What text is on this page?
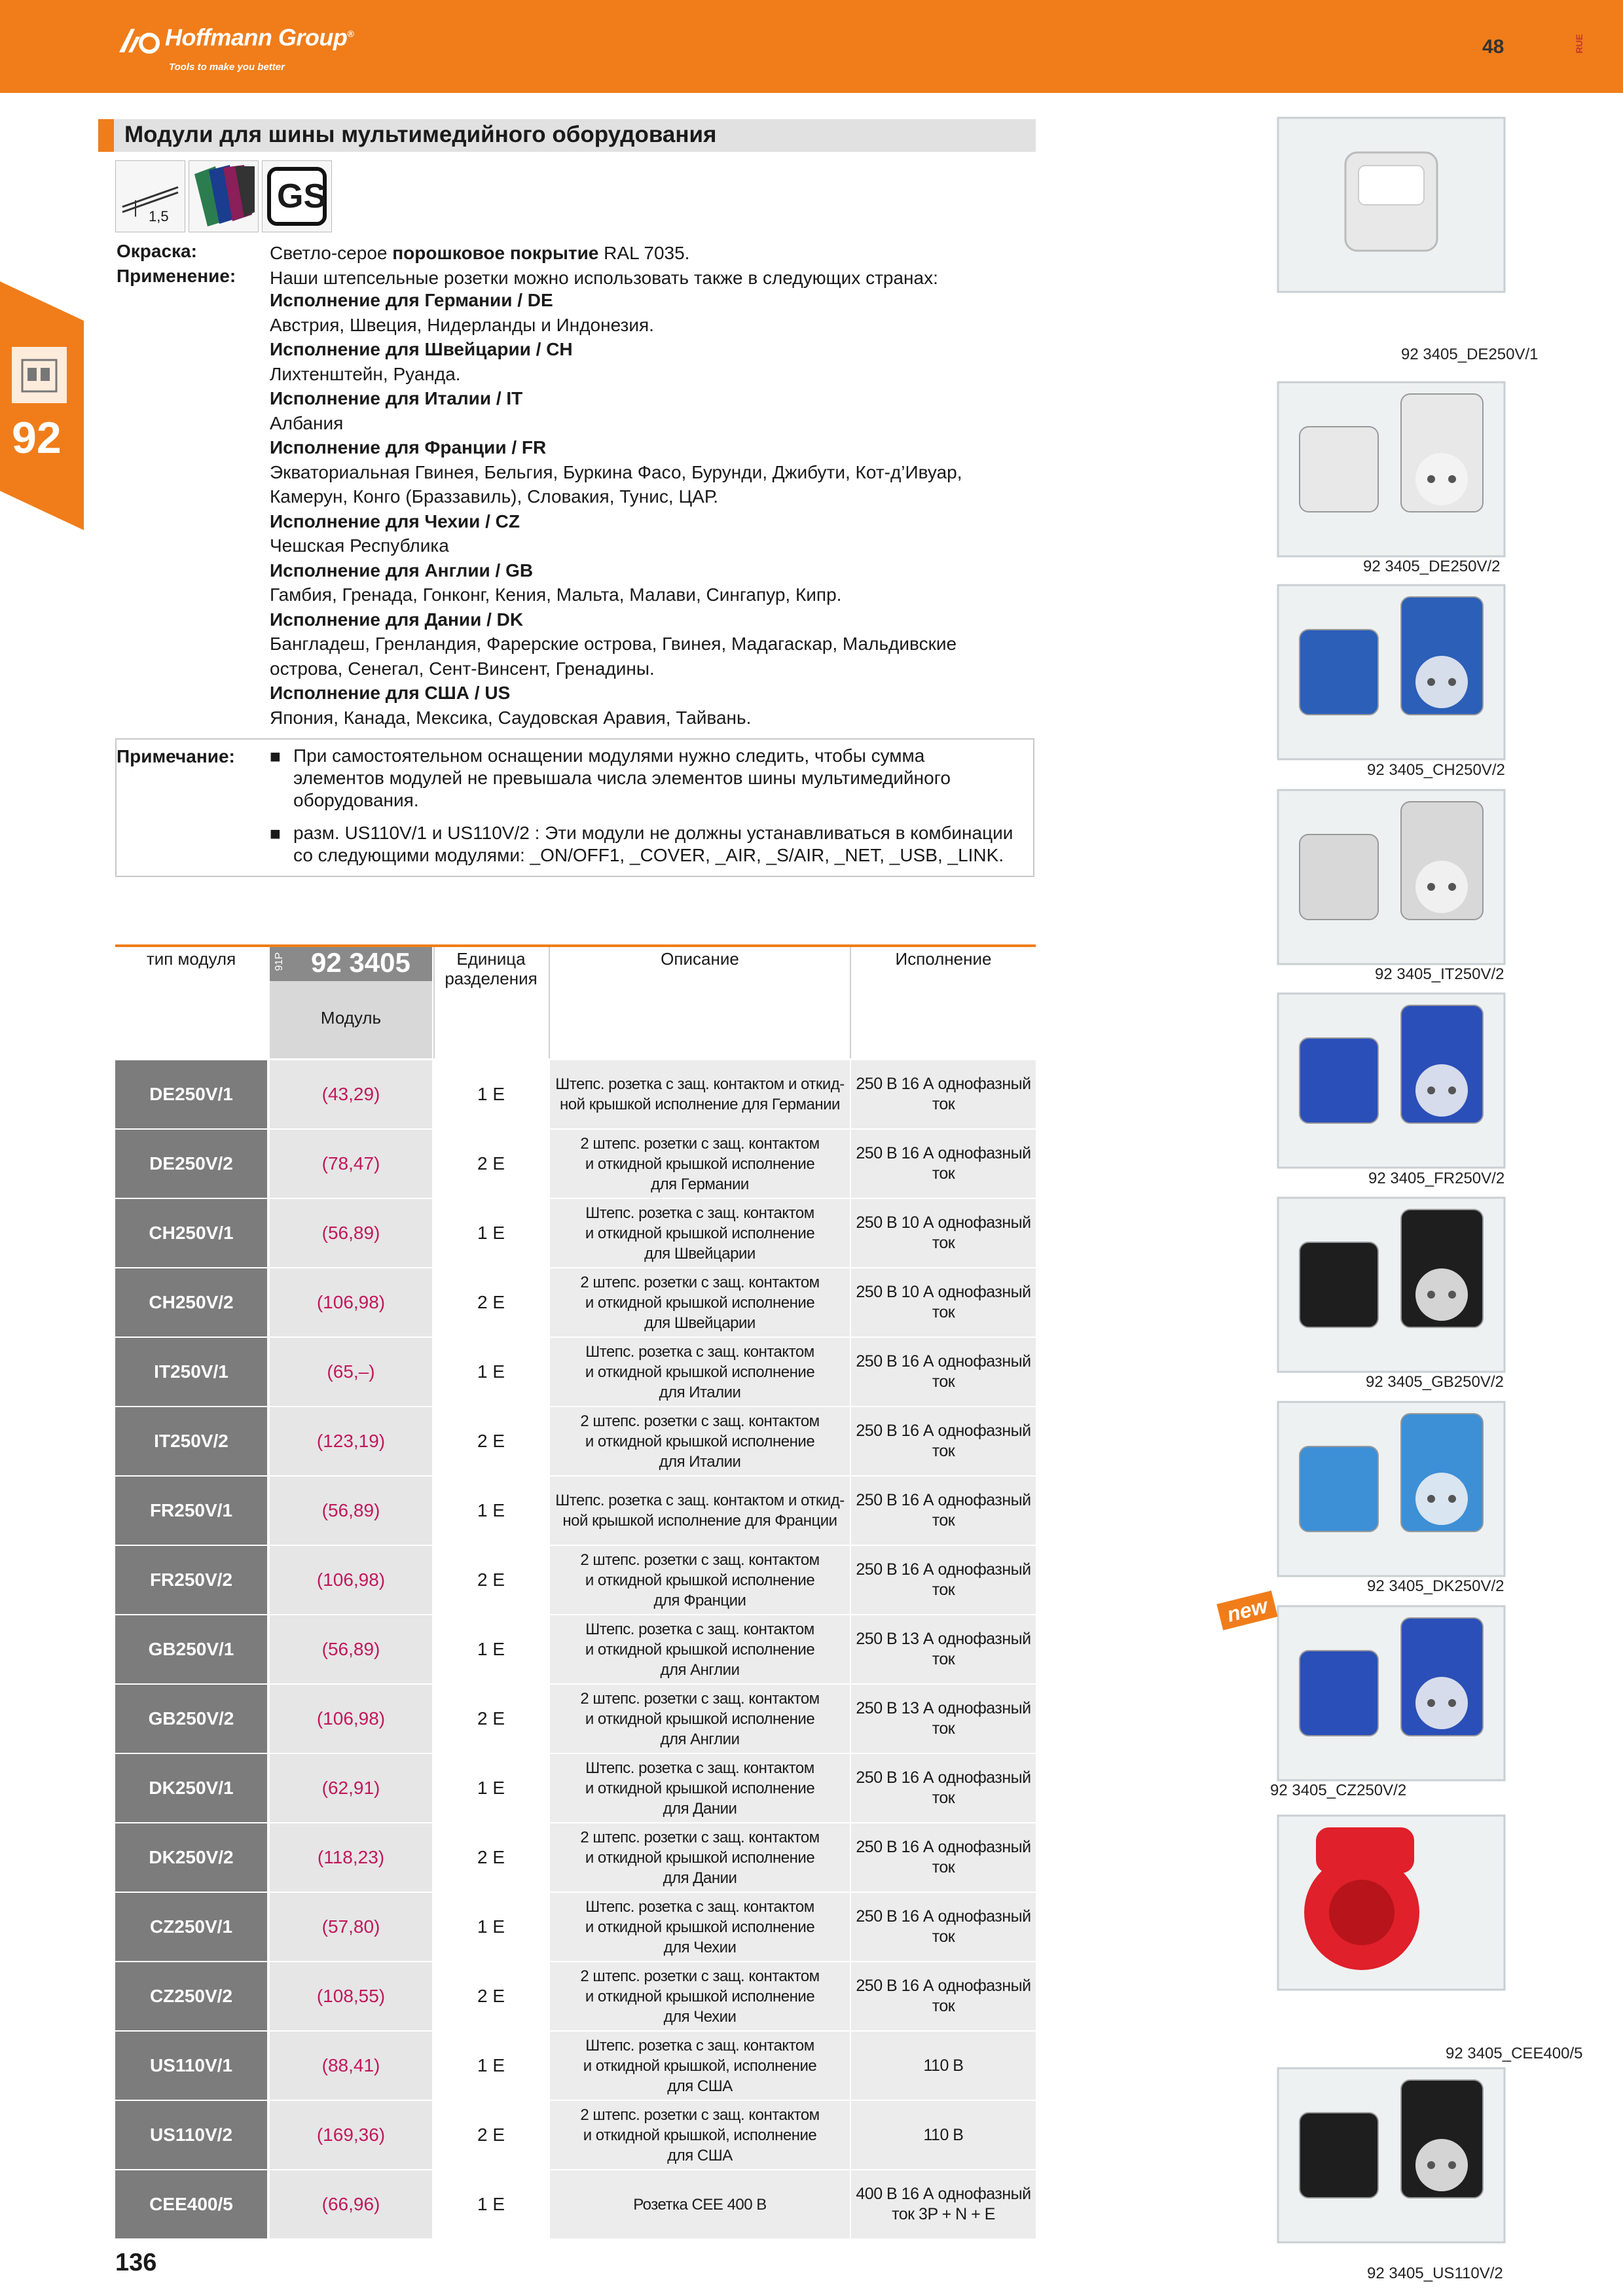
Hoffmann Group®
Tools to make you better
48	RUE
92
Модули для шины мультимедийного оборудования
1,5
GS
Окраска:	Светло-серое порошковое покрытие RAL 7035.
Применение: Наши штепсельные розетки можно использовать также в следующих странах:
Исполнение для Германии / DE
Австрия, Швеция, Нидерланды и Индонезия.
Исполнение для Швейцарии / CH
Лихтенштейн, Руанда.
Исполнение для Италии / IT
Албания
Исполнение для Франции / FR
Экваториальная Гвинея, Бельгия, Буркина Фасо, Бурунди, Джибути, Кот-д’Ивуар,
Камерун, Конго (Браззавиль), Словакия, Тунис, ЦАР.
Исполнение для Чехии / CZ
Чешская Республика
Исполнение для Англии / GB
Гамбия, Гренада, Гонконг, Кения, Мальта, Малави, Сингапур, Кипр.
Исполнение для Дании / DK
Бангладеш, Гренландия, Фарерские острова, Гвинея, Мадагаскар, Мальдивские
острова, Сенегал, Сент-Винсент, Гренадины.
Исполнение для США / US
Япония, Канада, Мексика, Саудовская Аравия, Тайвань.
Примечание: ■ При самостоятельном оснащении модулями нужно следить, чтобы сумма
элементов модулей не превышала числа элементов шины мультимедийного
оборудования.
■ разм. US110V/1 и US110V/2 : Эти модули не должны устанавливаться в комбинации
со следующими модулями: _ON/OFF1, _COVER, _AIR, _S/AIR, _NET, _USB, _LINK.
тип модуля	91P 92 3405
Модуль
Единица
разделения
Описание	Исполнение
DE250V/1	(43,29)	1 E	Штепс. розетка с защ. контактом и откид-
ной крышкой исполнение для Германии
250 В 16 А однофазный
ток
DE250V/2	(78,47)	2 E
2 штепс. розетки с защ. контактом
и откидной крышкой исполнение
для Германии
250 В 16 А однофазный
ток
CH250V/1	(56,89)	1 E
Штепс. розетка с защ. контактом
и откидной крышкой исполнение
для Швейцарии
250 В 10 А однофазный
ток
CH250V/2	(106,98)	2 E
2 штепс. розетки с защ. контактом
и откидной крышкой исполнение
для Швейцарии
250 В 10 А однофазный
ток
IT250V/1	(65,–)	1 E
Штепс. розетка с защ. контактом
и откидной крышкой исполнение
для Италии
250 В 16 А однофазный
ток
IT250V/2	(123,19)	2 E
2 штепс. розетки с защ. контактом
и откидной крышкой исполнение
для Италии
250 В 16 А однофазный
ток
FR250V/1	(56,89)	1 E	Штепс. розетка с защ. контактом и откид-
ной крышкой исполнение для Франции
250 В 16 А однофазный
ток
FR250V/2	(106,98)	2 E
2 штепс. розетки с защ. контактом
и откидной крышкой исполнение
для Франции
250 В 16 А однофазный
ток
GB250V/1	(56,89)	1 E
Штепс. розетка с защ. контактом
и откидной крышкой исполнение
для Англии
250 В 13 А однофазный
ток
GB250V/2	(106,98)	2 E
2 штепс. розетки с защ. контактом
и откидной крышкой исполнение
для Англии
250 В 13 А однофазный
ток
DK250V/1	(62,91)	1 E
Штепс. розетка с защ. контактом
и откидной крышкой исполнение
для Дании
250 В 16 А однофазный
ток
DK250V/2	(118,23)	2 E
2 штепс. розетки с защ. контактом
и откидной крышкой исполнение
для Дании
250 В 16 А однофазный
ток
CZ250V/1	(57,80)	1 E
Штепс. розетка с защ. контактом
и откидной крышкой исполнение
для Чехии
250 В 16 А однофазный
ток
CZ250V/2	(108,55)	2 E
2 штепс. розетки с защ. контактом
и откидной крышкой исполнение
для Чехии
250 В 16 А однофазный
ток
US110V/1	(88,41)	1 E
Штепс. розетка с защ. контактом
и откидной крышкой, исполнение
для США
110 В
US110V/2	(169,36)	2 E
2 штепс. розетки с защ. контактом
и откидной крышкой, исполнение
для США
110 В
CEE400/5	(66,96)	1 E	Розетка CEE 400 В
400 В 16 А однофазный
ток 3P + N + E
136
92 3405_DE250V/1
92 3405_DE250V/2
92 3405_CH250V/2
92 3405_IT250V/2
92 3405_FR250V/2
92 3405_GB250V/2
92 3405_DK250V/2
92 3405_CZ250V/2
92 3405_CEE400/5
92 3405_US110V/2
new
